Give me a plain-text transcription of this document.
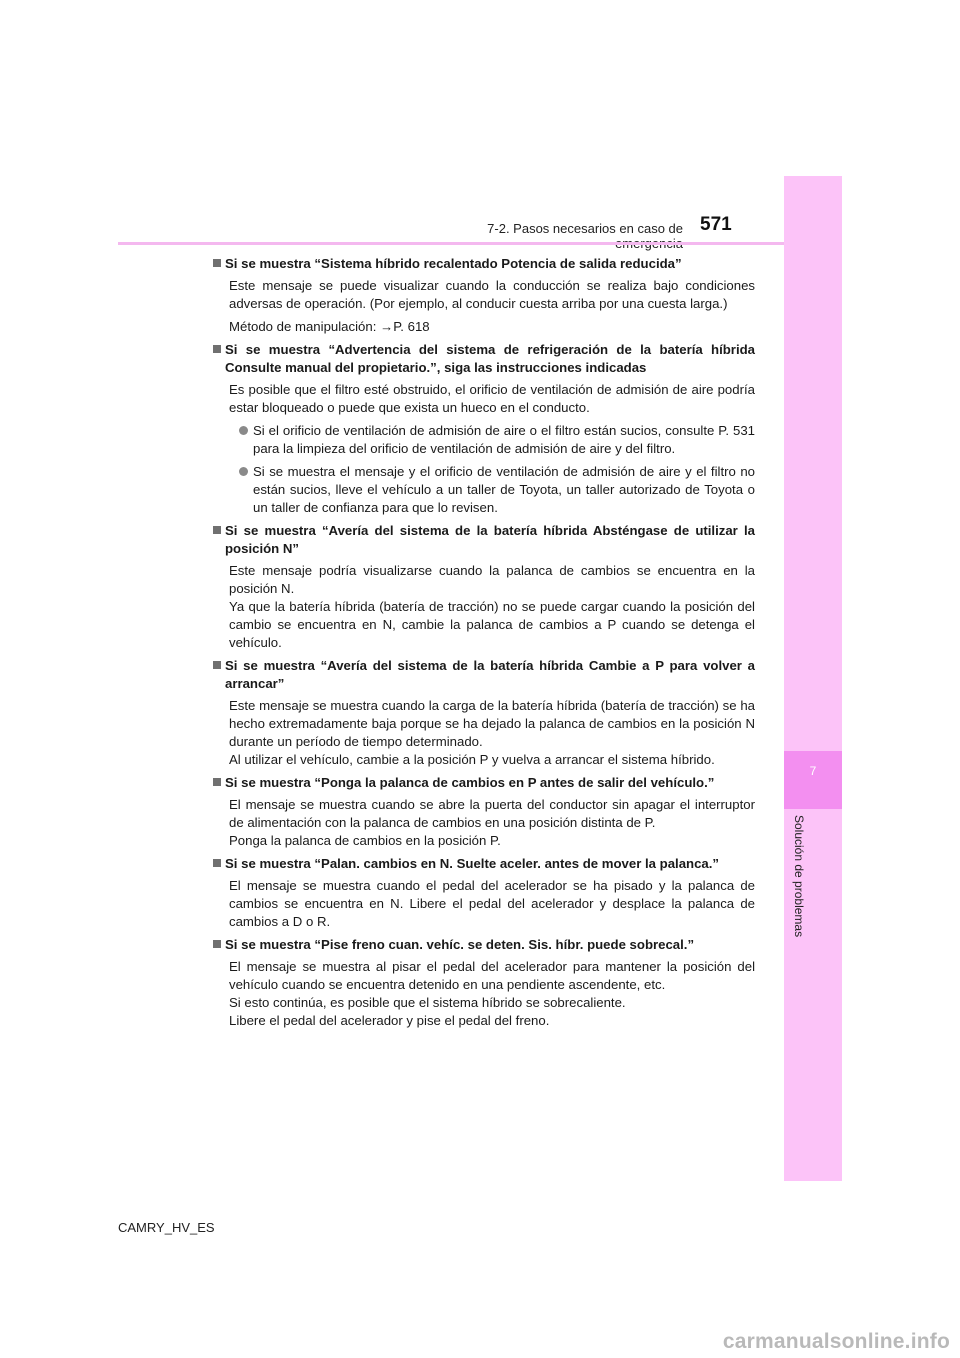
7-2. Pasos necesarios en caso de 571
7
Solución de problemas
Si se muestra “Sistema híbrido recalentado Potencia de salida reducida”

Este mensaje se puede visualizar cuando la conducción se realiza bajo condiciones adversas de operación. (Por ejemplo, al conducir cuesta arriba por una cuesta larga.)

Método de manipulación: →P. 618

Si se muestra “Advertencia del sistema de refrigeración de la batería híbrida Consulte manual del propietario.”, siga las instrucciones indicadas

Es posible que el filtro esté obstruido, el orificio de ventilación de admisión de aire podría estar bloqueado o puede que exista un hueco en el conducto.

Si el orificio de ventilación de admisión de aire o el filtro están sucios, consulte P. 531 para la limpieza del orificio de ventilación de admisión de aire y del filtro.
Si se muestra el mensaje y el orificio de ventilación de admisión de aire y el filtro no están sucios, lleve el vehículo a un taller de Toyota, un taller autorizado de Toyota o un taller de confianza para que lo revisen.
Si se muestra “Avería del sistema de la batería híbrida Absténgase de utilizar la posición N”

Este mensaje podría visualizarse cuando la palanca de cambios se encuentra en la posición N.

Ya que la batería híbrida (batería de tracción) no se puede cargar cuando la posición del cambio se encuentra en N, cambie la palanca de cambios a P cuando se detenga el vehículo.

Si se muestra “Avería del sistema de la batería híbrida Cambie a P para volver a arrancar”

Este mensaje se muestra cuando la carga de la batería híbrida (batería de tracción) se ha hecho extremadamente baja porque se ha dejado la palanca de cambios en la posición N durante un período de tiempo determinado.

Al utilizar el vehículo, cambie a la posición P y vuelva a arrancar el sistema híbrido.

Si se muestra “Ponga la palanca de cambios en P antes de salir del vehículo.”

El mensaje se muestra cuando se abre la puerta del conductor sin apagar el interruptor de alimentación con la palanca de cambios en una posición distinta de P.

Ponga la palanca de cambios en la posición P.

Si se muestra “Palan. cambios en N. Suelte aceler. antes de mover la palanca.”

El mensaje se muestra cuando el pedal del acelerador se ha pisado y la palanca de cambios se encuentra en N. Libere el pedal del acelerador y desplace la palanca de cambios a D o R.

Si se muestra “Pise freno cuan. vehíc. se deten. Sis. híbr. puede sobrecal.”

El mensaje se muestra al pisar el pedal del acelerador para mantener la posición del vehículo cuando se encuentra detenido en una pendiente ascendente, etc.

Si esto continúa, es posible que el sistema híbrido se sobrecaliente.

Libere el pedal del acelerador y pise el pedal del freno.

CAMRY_HV_ES
carmanualsonline.info
